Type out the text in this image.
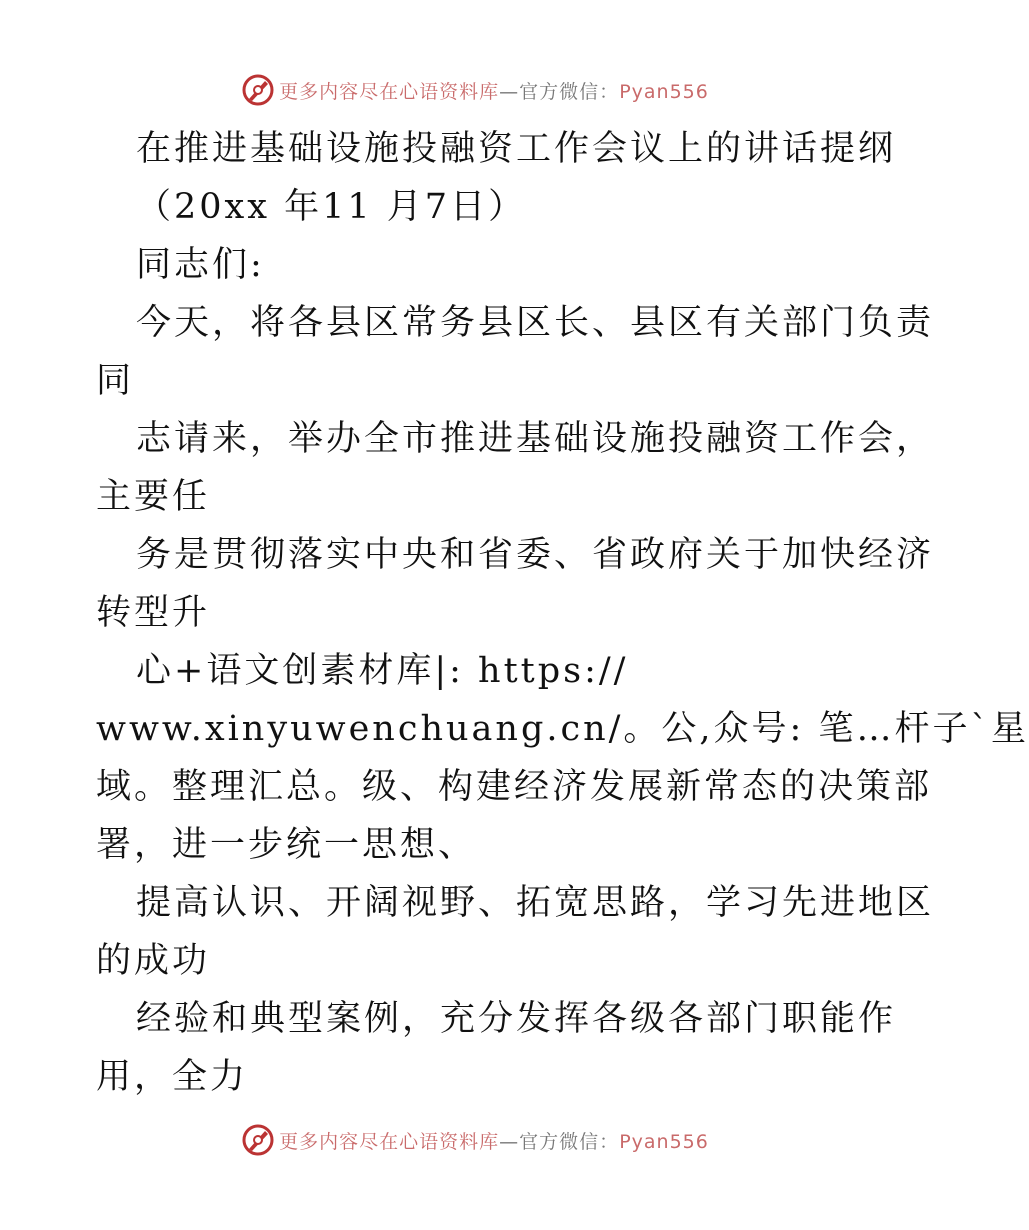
更多内容尽在心语资料库—官方微信：Pyan556
在推进基础设施投融资工作会议上的讲话提纲
（20xx 年11 月7日）
同志们:
今天，将各县区常务县区长、县区有关部门负责
同
志请来，举办全市推进基础设施投融资工作会，
主要任
务是贯彻落实中央和省委、省政府关于加快经济
转型升
心+语文创素材库|: https://
www.xinyuwenchuang.cn/。公,众号: 笔…杆子`星
域。整理汇总。级、构建经济发展新常态的决策部
署，进一步统一思想、
提高认识、开阔视野、拓宽思路，学习先进地区
的成功
经验和典型案例，充分发挥各级各部门职能作
用，全力
更多内容尽在心语资料库—官方微信：Pyan556
